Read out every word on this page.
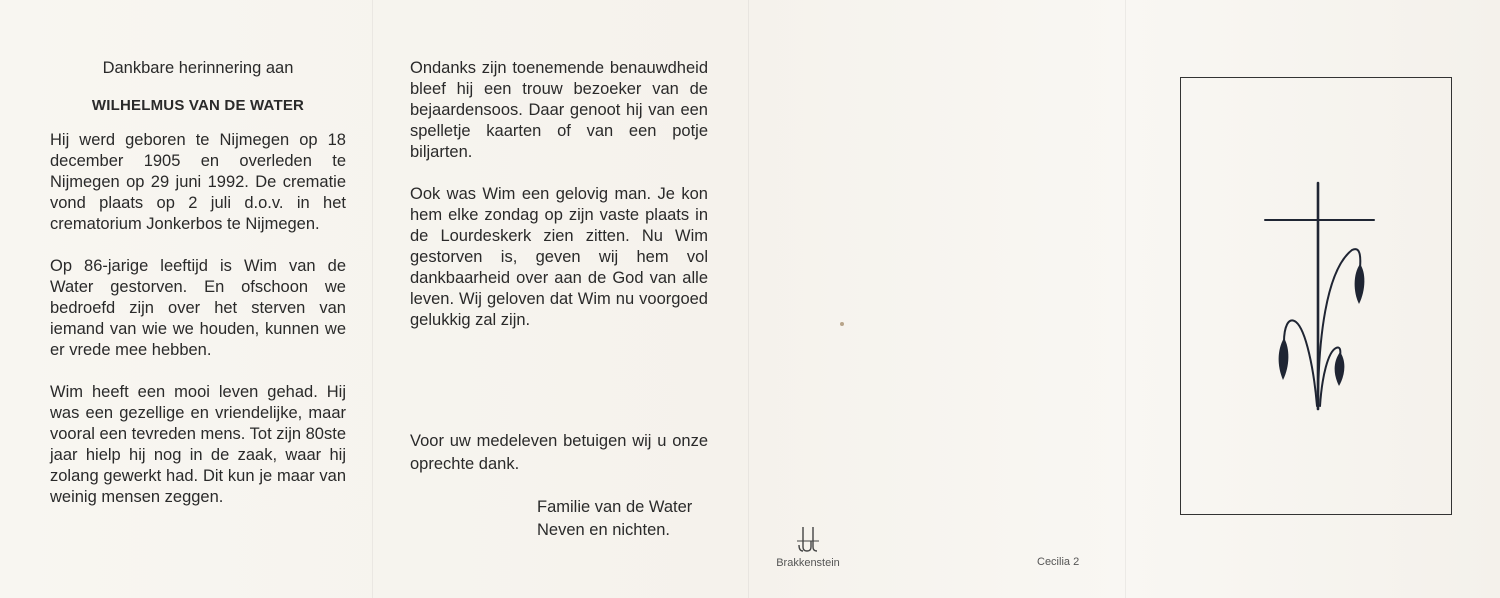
Dankbare herinnering aan

WILHELMUS VAN DE WATER

Hij werd geboren te Nijmegen op 18 december 1905 en overleden te Nijmegen op 29 juni 1992. De crematie vond plaats op 2 juli d.o.v. in het crematorium Jonkerbos te Nijmegen.

Op 86-jarige leeftijd is Wim van de Water gestorven. En ofschoon we bedroefd zijn over het sterven van iemand van wie we houden, kunnen we er vrede mee hebben.

Wim heeft een mooi leven gehad. Hij was een gezellige en vriendelijke, maar vooral een tevreden mens. Tot zijn 80ste jaar hielp hij nog in de zaak, waar hij zolang gewerkt had. Dit kun je maar van weinig mensen zeggen.

Ondanks zijn toenemende benauwdheid bleef hij een trouw bezoeker van de bejaardensoos. Daar genoot hij van een spelletje kaarten of van een potje biljarten.

Ook was Wim een gelovig man. Je kon hem elke zondag op zijn vaste plaats in de Lourdeskerk zien zitten. Nu Wim gestorven is, geven wij hem vol dankbaarheid over aan de God van alle leven. Wij geloven dat Wim nu voorgoed gelukkig zal zijn.

Voor uw medeleven betuigen wij u onze oprechte dank.
Familie van de Water
Neven en nichten.
Brakkenstein	Cecilia 2
